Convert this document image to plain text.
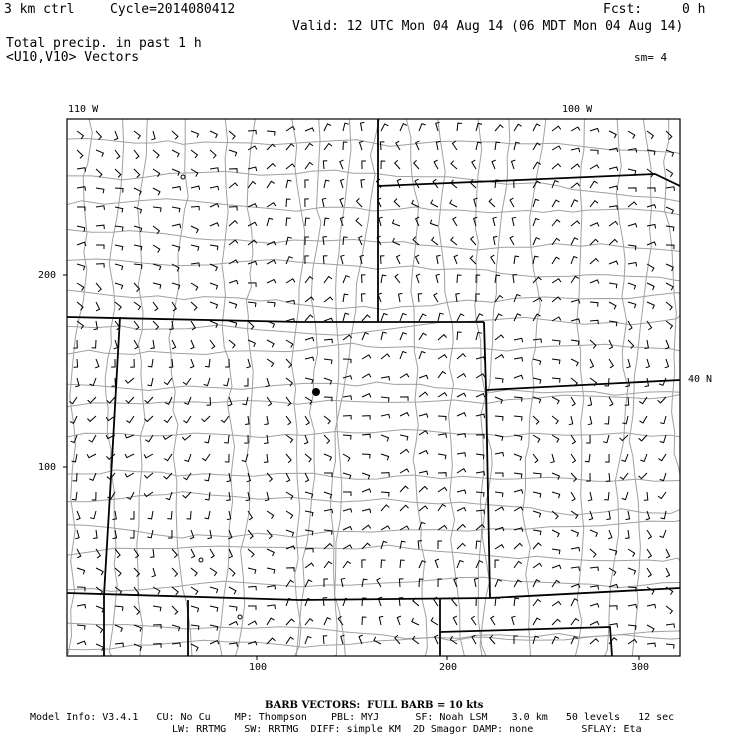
3 km ctrl	Cycle=2014080412	Fcst:	0 h
Valid: 12 UTC Mon 04 Aug 14 (06 MDT Mon 04 Aug 14)
Total precip. in past 1 h
<U10,V10> Vectors	sm= 4
110 W	100 W
200
100
40 N
100	200	300
BARB VECTORS:  FULL BARB = 10 kts
Model Info: V3.4.1   CU: No Cu    MP: Thompson    PBL: MYJ      SF: Noah LSM    3.0 km   50 levels   12 sec
LW: RRTMG   SW: RRTMG  DIFF: simple KM  2D Smagor DAMP: none        SFLAY: Eta
